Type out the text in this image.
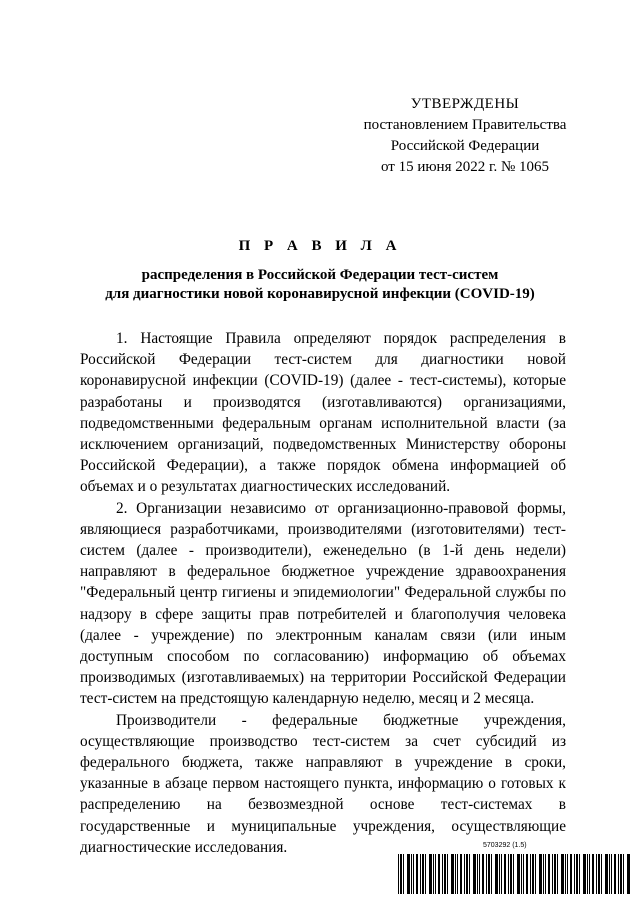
УТВЕРЖДЕНЫ
постановлением Правительства
Российской Федерации
от 15 июня 2022 г. № 1065
П Р А В И Л А
распределения в Российской Федерации тест-систем
для диагностики новой коронавирусной инфекции (COVID-19)

1. Настоящие Правила определяют порядок распределения в Российской Федерации тест-систем для диагностики новой коронавирусной инфекции (COVID-19) (далее - тест-системы), которые разработаны и производятся (изготавливаются) организациями, подведомственными федеральным органам исполнительной власти (за исключением организаций, подведомственных Министерству обороны Российской Федерации), а также порядок обмена информацией об объемах и о результатах диагностических исследований.

2. Организации независимо от организационно-правовой формы, являющиеся разработчиками, производителями (изготовителями) тест-систем (далее - производители), еженедельно (в 1-й день недели) направляют в федеральное бюджетное учреждение здравоохранения "Федеральный центр гигиены и эпидемиологии" Федеральной службы по надзору в сфере защиты прав потребителей и благополучия человека (далее - учреждение) по электронным каналам связи (или иным доступным способом по согласованию) информацию об объемах производимых (изготавливаемых) на территории Российской Федерации тест-систем на предстоящую календарную неделю, месяц и 2 месяца.

Производители - федеральные бюджетные учреждения, осуществляющие производство тест-систем за счет субсидий из федерального бюджета, также направляют в учреждение в сроки, указанные в абзаце первом настоящего пункта, информацию о готовых к распределению на безвозмездной основе тест-системах в государственные и муниципальные учреждения, осуществляющие диагностические исследования.	5703292 (1.5)
